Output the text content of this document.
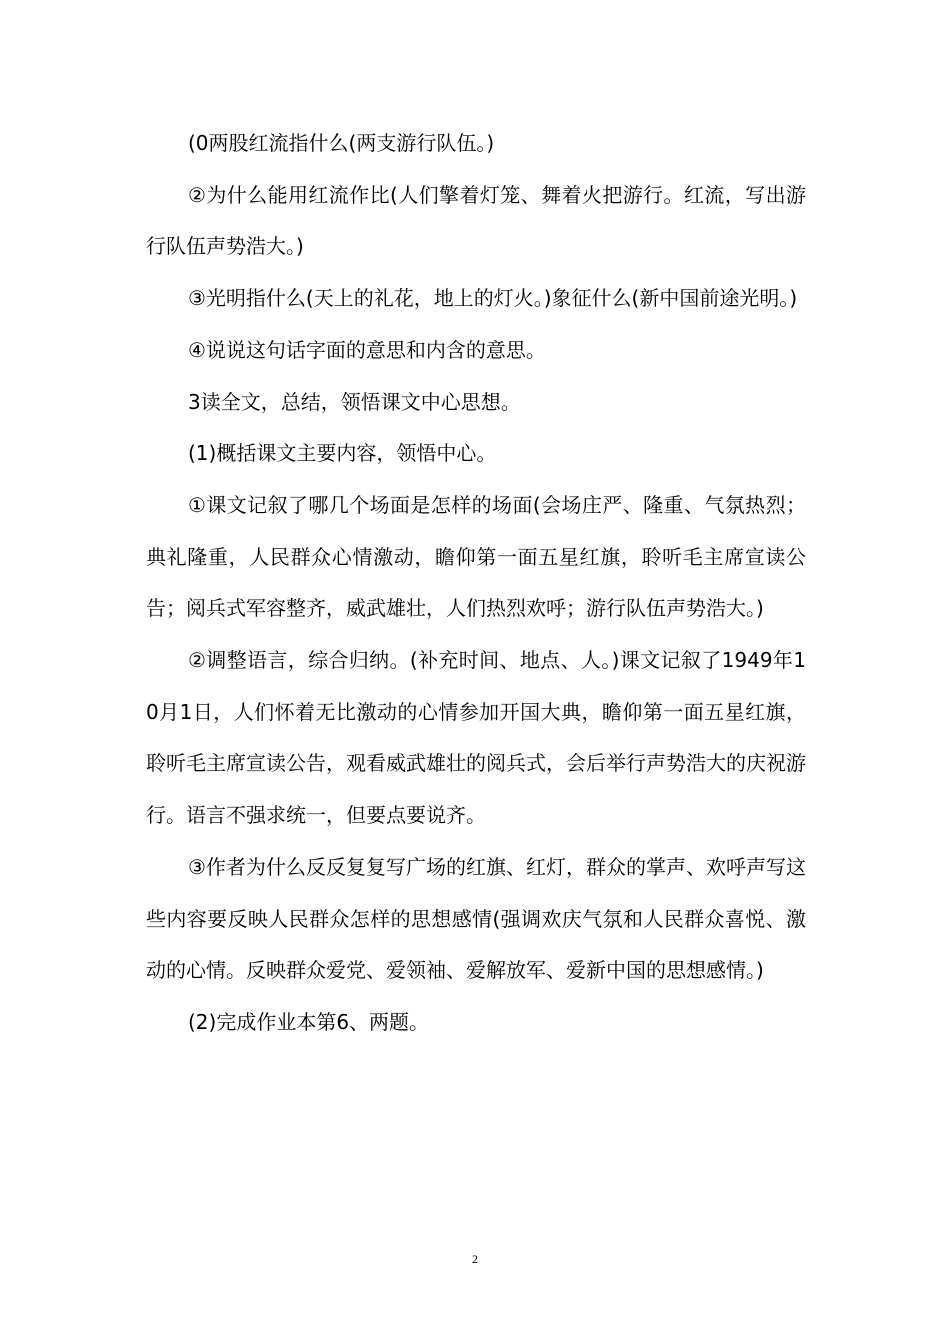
(0两股红流指什么(两支游行队伍。)

②为什么能用红流作比(人们擎着灯笼、舞着火把游行。红流，写出游行队伍声势浩大。)

③光明指什么(天上的礼花，地上的灯火。)象征什么(新中国前途光明。)

④说说这句话字面的意思和内含的意思。

3读全文，总结，领悟课文中心思想。

(1)概括课文主要内容，领悟中心。

①课文记叙了哪几个场面是怎样的场面(会场庄严、隆重、气氛热烈；典礼隆重，人民群众心情激动，瞻仰第一面五星红旗，聆听毛主席宣读公告；阅兵式军容整齐，威武雄壮，人们热烈欢呼；游行队伍声势浩大。)

②调整语言，综合归纳。(补充时间、地点、人。)课文记叙了1949年10月1日，人们怀着无比激动的心情参加开国大典，瞻仰第一面五星红旗，聆听毛主席宣读公告，观看威武雄壮的阅兵式，会后举行声势浩大的庆祝游行。语言不强求统一，但要点要说齐。

③作者为什么反反复复写广场的红旗、红灯，群众的掌声、欢呼声写这些内容要反映人民群众怎样的思想感情(强调欢庆气氛和人民群众喜悦、激动的心情。反映群众爱党、爱领袖、爱解放军、爱新中国的思想感情。)

(2)完成作业本第6、两题。

2
